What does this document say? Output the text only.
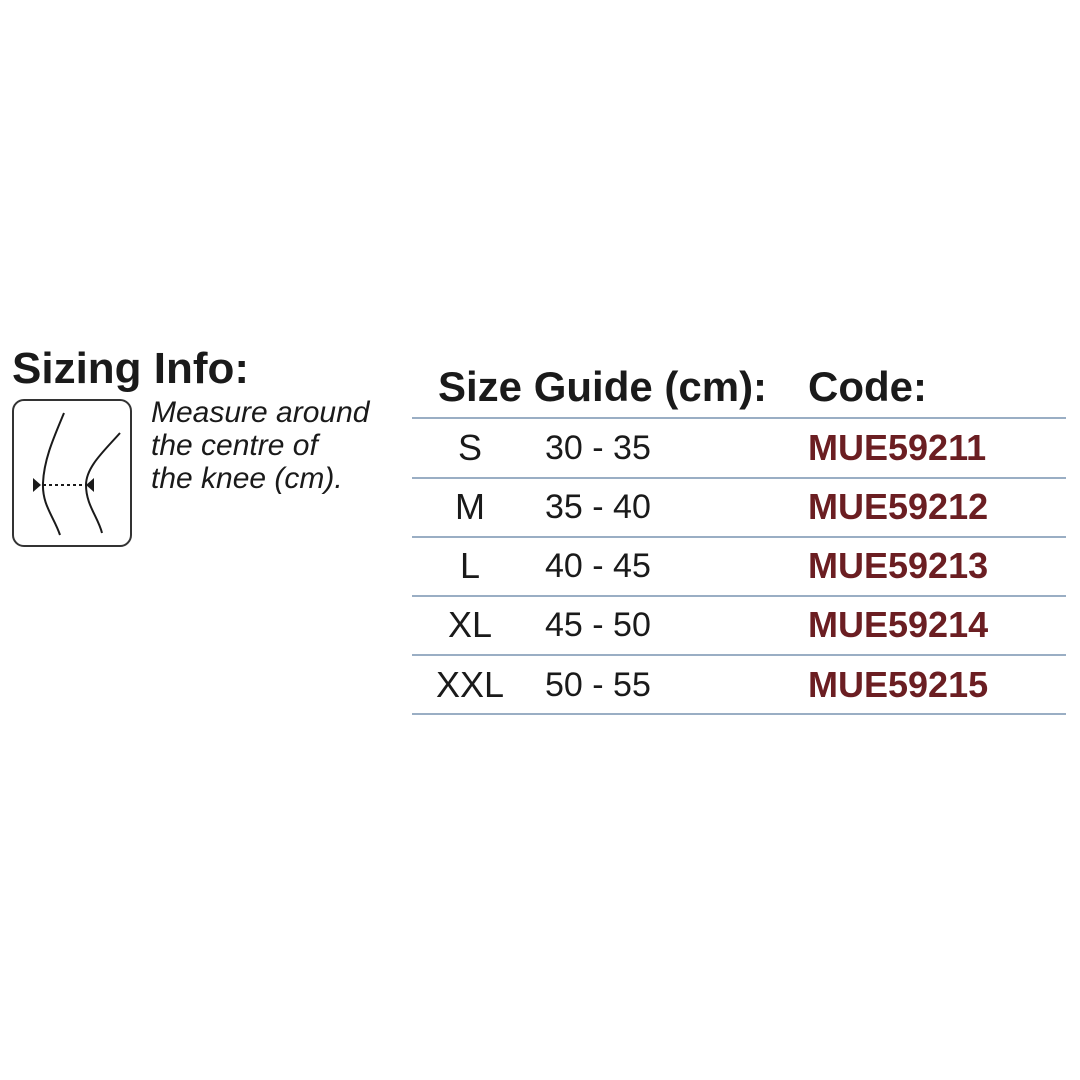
Sizing Info:
Measure around
the centre of
the knee (cm).
Size Guide (cm): Code:
S	30 - 35	MUE59211
M	35 - 40	MUE59212
L	40 - 45	MUE59213
XL	45 - 50	MUE59214
XXL	50 - 55	MUE59215
